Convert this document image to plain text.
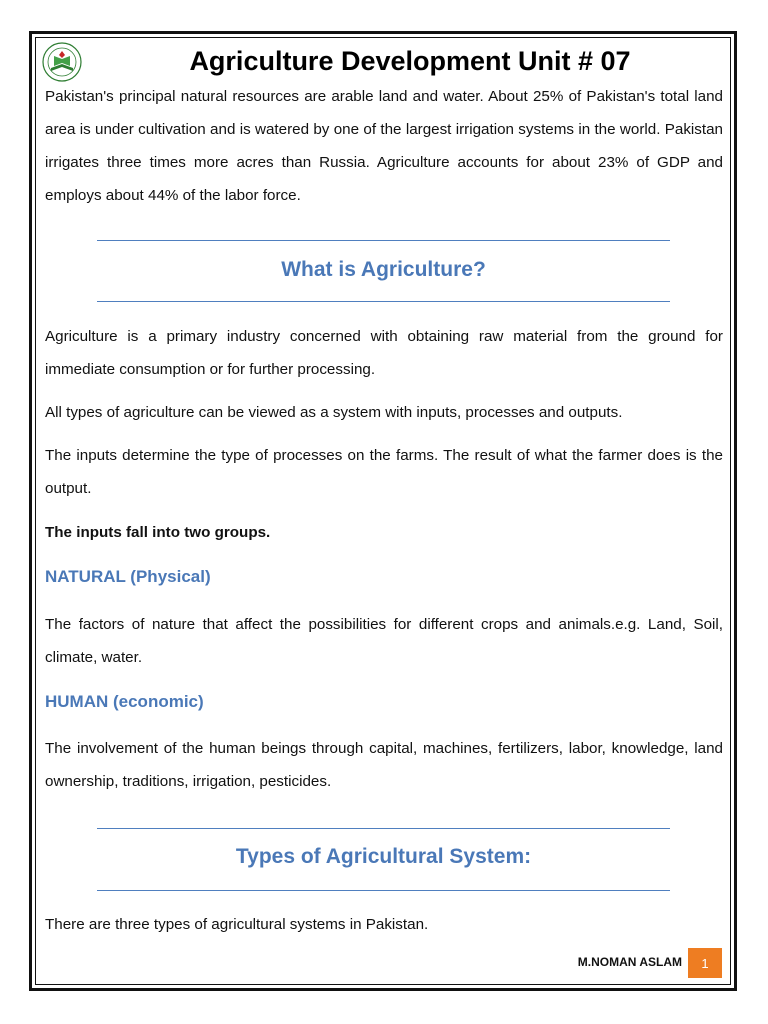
Agriculture Development Unit # 07

Pakistan's principal natural resources are arable land and water. About 25% of Pakistan's total land area is under cultivation and is watered by one of the largest irrigation systems in the world. Pakistan irrigates three times more acres than Russia. Agriculture accounts for about 23% of GDP and employs about 44% of the labor force.

What is Agriculture?

Agriculture is a primary industry concerned with obtaining raw material from the ground for immediate consumption or for further processing.

All types of agriculture can be viewed as a system with inputs, processes and outputs.

The inputs determine the type of processes on the farms. The result of what the farmer does is the output.

The inputs fall into two groups.

NATURAL (Physical)

The factors of nature that affect the possibilities for different crops and animals.e.g. Land, Soil, climate, water.

HUMAN (economic)

The involvement of the human beings through capital, machines, fertilizers, labor, knowledge, land ownership, traditions, irrigation, pesticides.

Types of Agricultural System:

There are three types of agricultural systems in Pakistan.

M.NOMAN ASLAM	1
